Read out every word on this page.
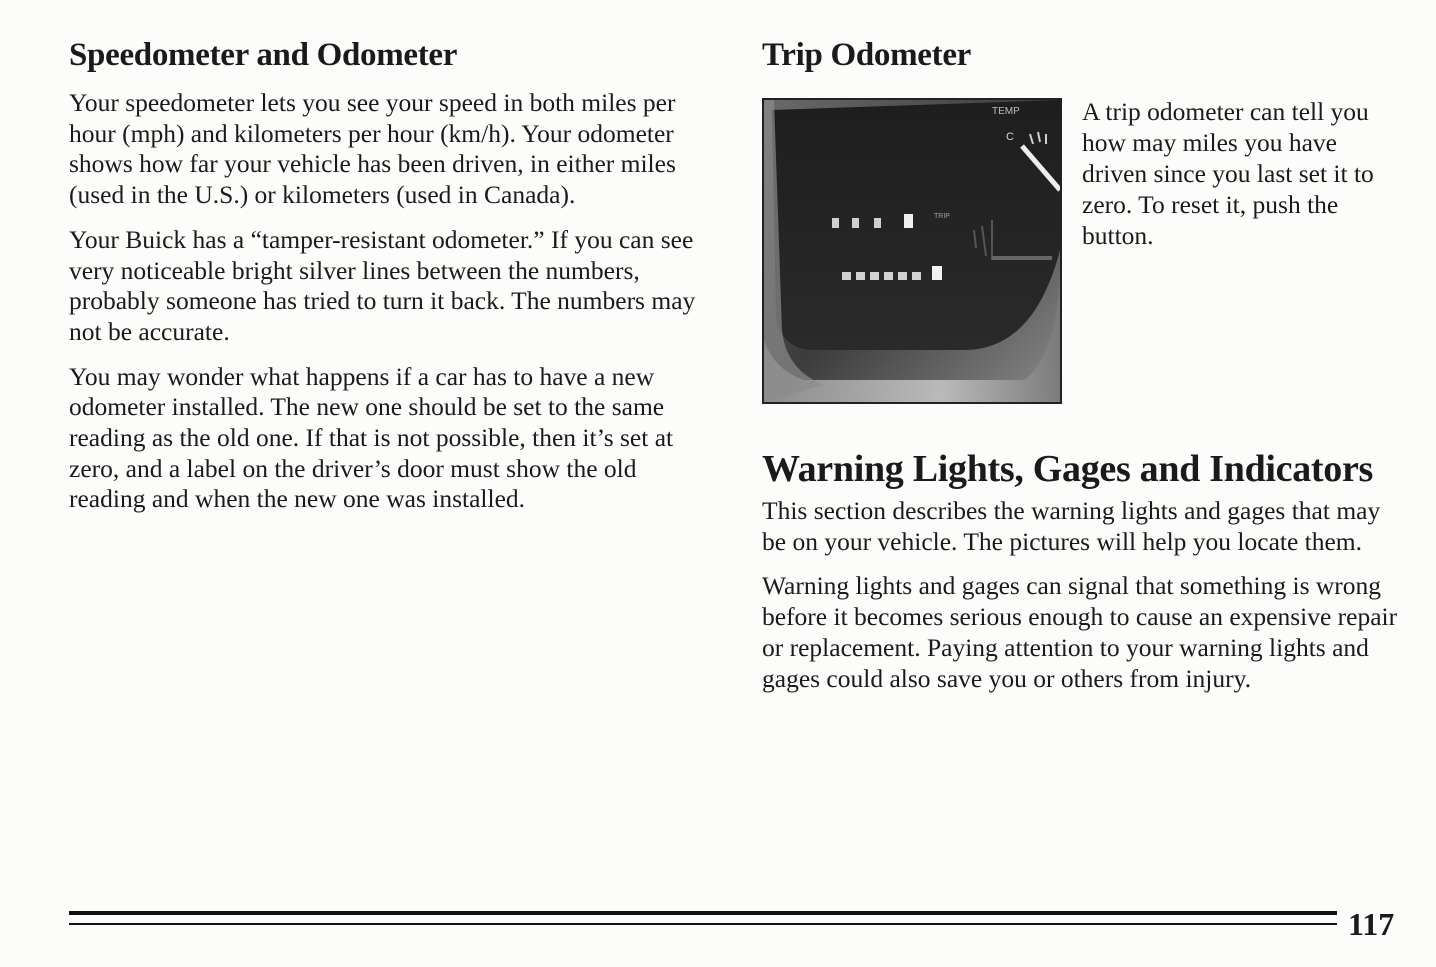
Speedometer and Odometer

Your speedometer lets you see your speed in both miles per hour (mph) and kilometers per hour (km/h). Your odometer shows how far your vehicle has been driven, in either miles (used in the U.S.) or kilometers (used in Canada).

Your Buick has a “tamper-resistant odometer.” If you can see very noticeable bright silver lines between the numbers, probably someone has tried to turn it back. The numbers may not be accurate.

You may wonder what happens if a car has to have a new odometer installed. The new one should be set to the same reading as the old one. If that is not possible, then it’s set at zero, and a label on the driver’s door must show the old reading and when the new one was installed.

Trip Odometer
TEMP
C
TRIP

A trip odometer can tell you how may miles you have driven since you last set it to zero. To reset it, push the button.

Warning Lights, Gages and Indicators

This section describes the warning lights and gages that may be on your vehicle. The pictures will help you locate them.

Warning lights and gages can signal that something is wrong before it becomes serious enough to cause an expensive repair or replacement. Paying attention to your warning lights and gages could also save you or others from injury.

117
